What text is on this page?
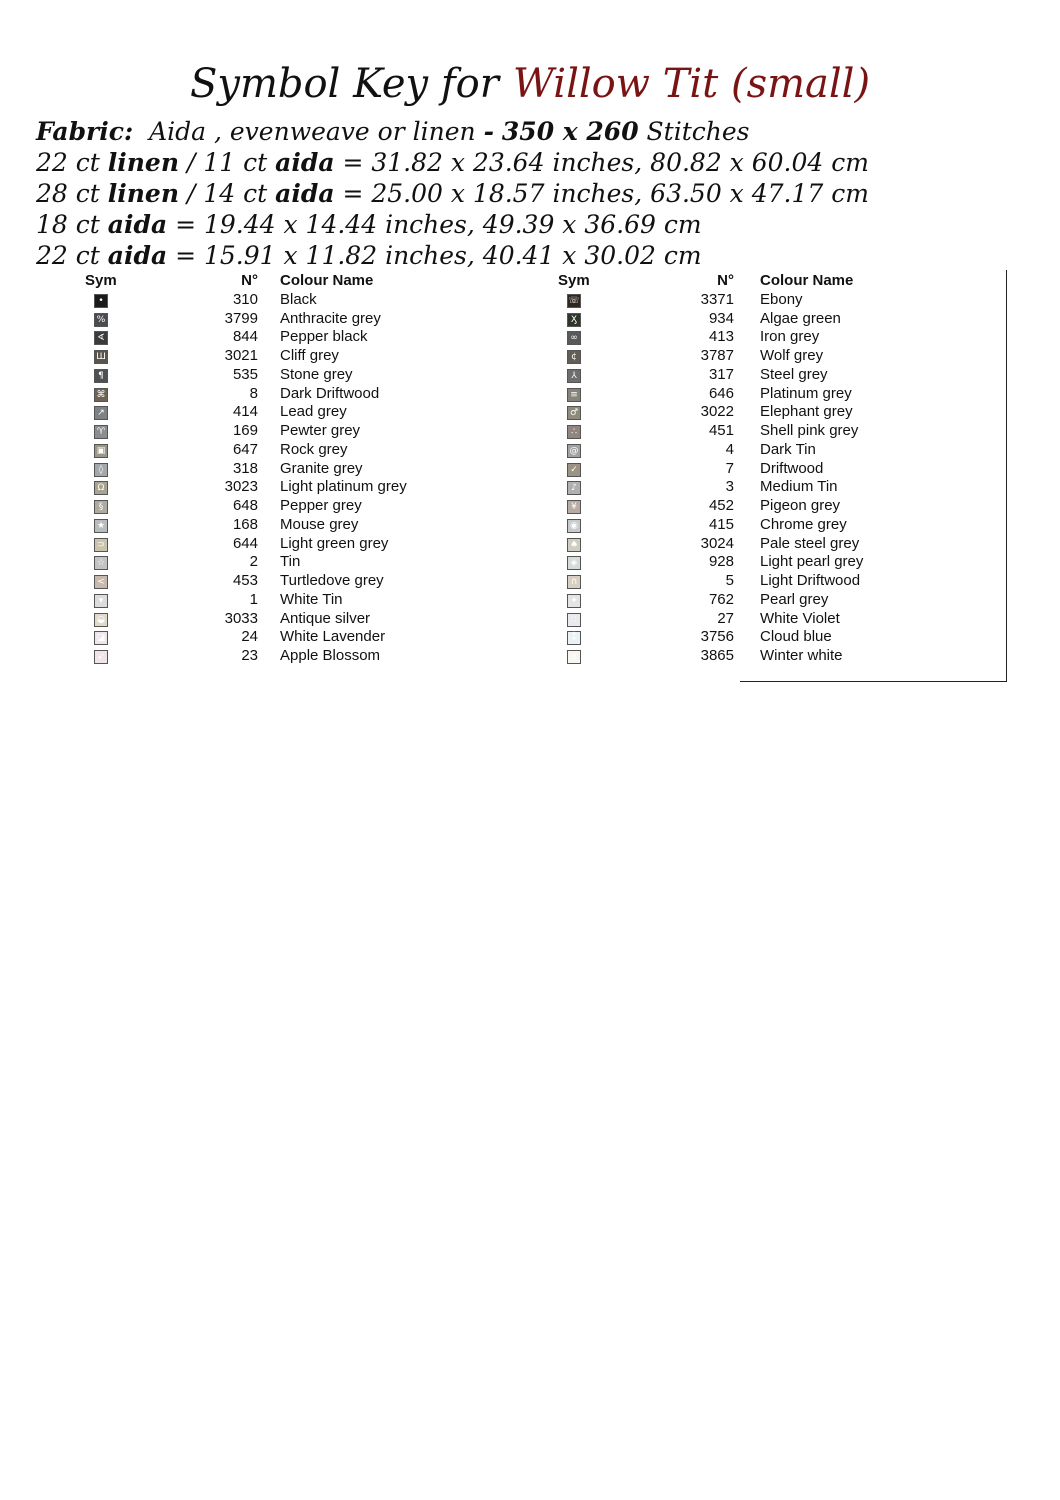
Symbol Key for Willow Tit (small)
Fabric: Aida , evenweave or linen - 350 x 260 Stitches
22 ct linen / 11 ct aida = 31.82 x 23.64 inches, 80.82 x 60.04 cm
28 ct linen / 14 ct aida = 25.00 x 18.57 inches, 63.50 x 47.17 cm
18 ct aida = 19.44 x 14.44 inches, 49.39 x 36.69 cm
22 ct aida = 15.91 x 11.82 inches, 40.41 x 30.02 cm
Sym	N° Colour Name
•	310 Black
%	3799 Anthracite grey
∢	844 Pepper black
Ш	3021 Cliff grey
¶	535 Stone grey
⌘	8 Dark Driftwood
↗	414 Lead grey
♈	169 Pewter grey
▣	647 Rock grey
◊	318 Granite grey
Ω	3023 Light platinum grey
§	648 Pepper grey
★	168 Mouse grey
⊃	644 Light green grey
☆	2 Tin
<	453 Turtledove grey
▾	1 White Tin
◒	3033 Antique silver
◪	24 White Lavender
➶	23 Apple Blossom
Sym	N° Colour Name
☏	3371 Ebony
Ӽ	934 Algae green
∞	413 Iron grey
¢	3787 Wolf grey
⅄	317 Steel grey
≡	646 Platinum grey
♂	3022 Elephant grey
∴	451 Shell pink grey
@	4 Dark Tin
✓	7 Driftwood
♪	3 Medium Tin
¥	452 Pigeon grey
◉	415 Chrome grey
♠	3024 Pale steel grey
◈	928 Light pearl grey
∩	5 Light Driftwood
✦	762 Pearl grey
∷	27 White Violet
⁑	3756 Cloud blue
x	3865 Winter white
